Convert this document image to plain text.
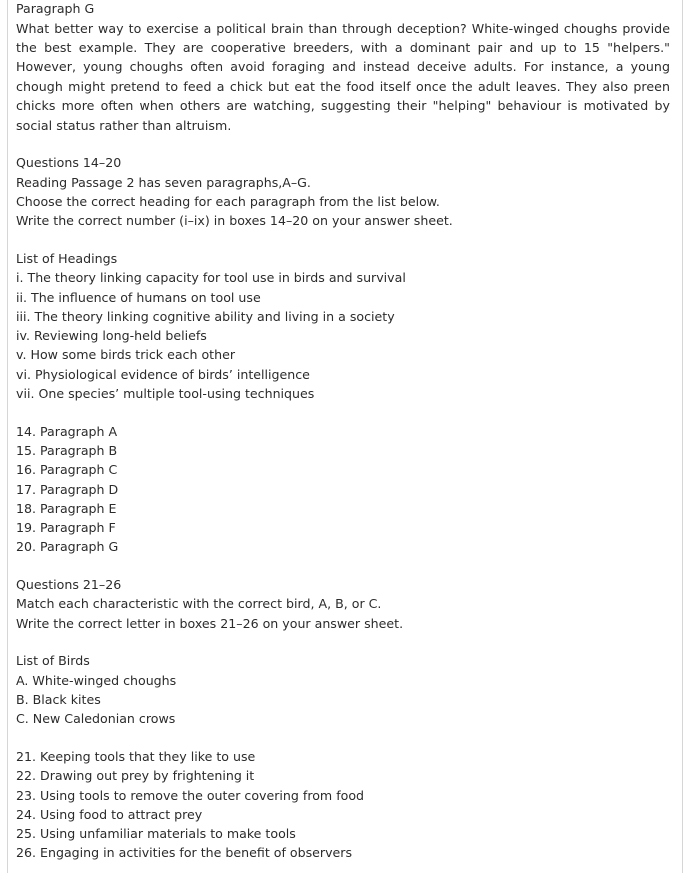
Paragraph G
What better way to exercise a political brain than through deception? White-winged choughs provide the best example. They are cooperative breeders, with a dominant pair and up to 15 "helpers." However, young choughs often avoid foraging and instead deceive adults. For instance, a young chough might pretend to feed a chick but eat the food itself once the adult leaves. They also preen chicks more often when others are watching, suggesting their "helping" behaviour is motivated by social status rather than altruism.
Questions 14–20
Reading Passage 2 has seven paragraphs,A–G.
Choose the correct heading for each paragraph from the list below.
Write the correct number (i–ix) in boxes 14–20 on your answer sheet.
List of Headings
i. The theory linking capacity for tool use in birds and survival
ii. The influence of humans on tool use
iii. The theory linking cognitive ability and living in a society
iv. Reviewing long-held beliefs
v. How some birds trick each other
vi. Physiological evidence of birds’ intelligence
vii. One species’ multiple tool-using techniques
14. Paragraph A
15. Paragraph B
16. Paragraph C
17. Paragraph D
18. Paragraph E
19. Paragraph F
20. Paragraph G
Questions 21–26
Match each characteristic with the correct bird, A, B, or C.
Write the correct letter in boxes 21–26 on your answer sheet.
List of Birds
A. White-winged choughs
B. Black kites
C. New Caledonian crows
21. Keeping tools that they like to use
22. Drawing out prey by frightening it
23. Using tools to remove the outer covering from food
24. Using food to attract prey
25. Using unfamiliar materials to make tools
26. Engaging in activities for the benefit of observers
